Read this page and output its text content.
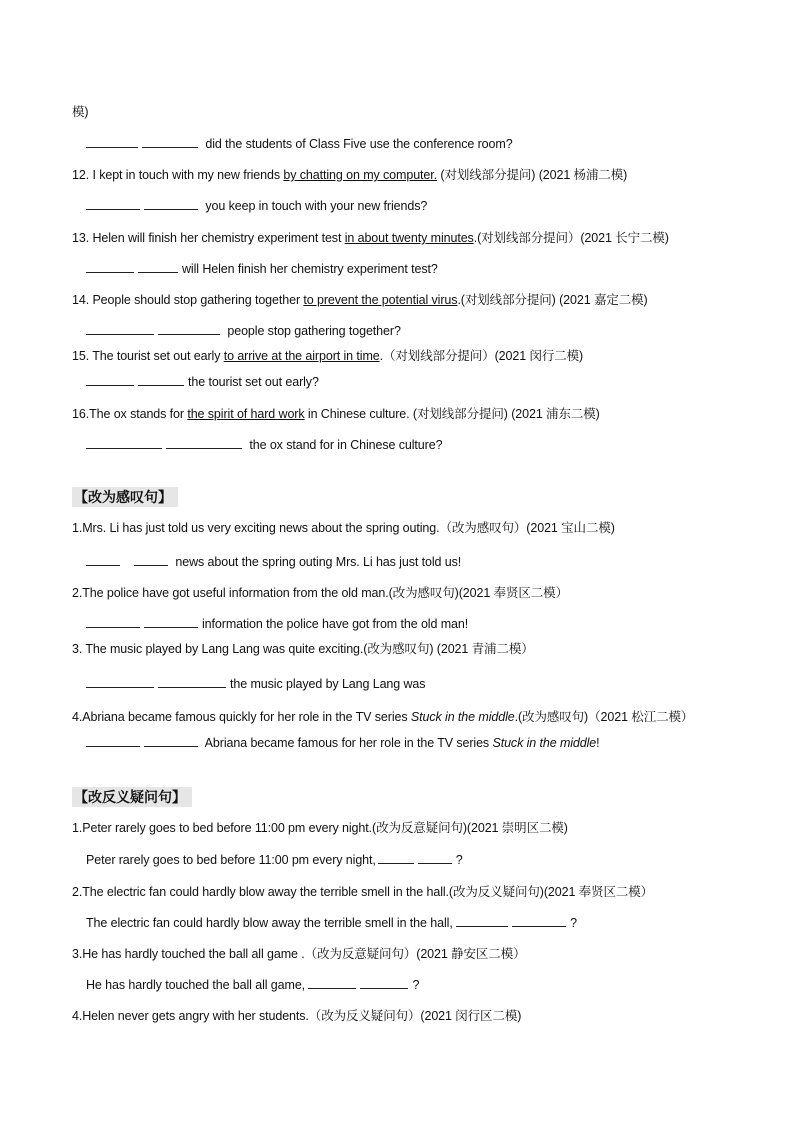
模)
did the students of Class Five use the conference room?
12. I kept in touch with my new friends by chatting on my computer. (对划线部分提问) (2021 杨浦二模)
you keep in touch with your new friends?
13. Helen will finish her chemistry experiment test in about twenty minutes.(对划线部分提问）(2021 长宁二模)
will Helen finish her chemistry experiment test?
14. People should stop gathering together to prevent the potential virus.(对划线部分提问) (2021 嘉定二模)
people stop gathering together?
15. The tourist set out early to arrive at the airport in time.（对划线部分提问）(2021 闵行二模)
the tourist set out early?
16.The ox stands for the spirit of hard work in Chinese culture. (对划线部分提问) (2021 浦东二模)
the ox stand for in Chinese culture?
【改为感叹句】
1.Mrs. Li has just told us very exciting news about the spring outing.（改为感叹句）(2021 宝山二模)
news about the spring outing Mrs. Li has just told us!
2.The police have got useful information from the old man.(改为感叹句)(2021 奉贤区二模）
information the police have got from the old man!
3. The music played by Lang Lang was quite exciting.(改为感叹句) (2021 青浦二模）
the music played by Lang Lang was
4.Abriana became famous quickly for her role in the TV series Stuck in the middle.(改为感叹句)（2021 松江二模）
Abriana became famous for her role in the TV series Stuck in the middle!
【改反义疑问句】
1.Peter rarely goes to bed before 11:00 pm every night.(改为反意疑问句)(2021 崇明区二模)
Peter rarely goes to bed before 11:00 pm every night,	?
2.The electric fan could hardly blow away the terrible smell in the hall.(改为反义疑问句)(2021 奉贤区二模）
The electric fan could hardly blow away the terrible smell in the hall,	?
3.He has hardly touched the ball all game .（改为反意疑问句）(2021 静安区二模）
He has hardly touched the ball all game,	?
4.Helen never gets angry with her students.（改为反义疑问句）(2021 闵行区二模)
